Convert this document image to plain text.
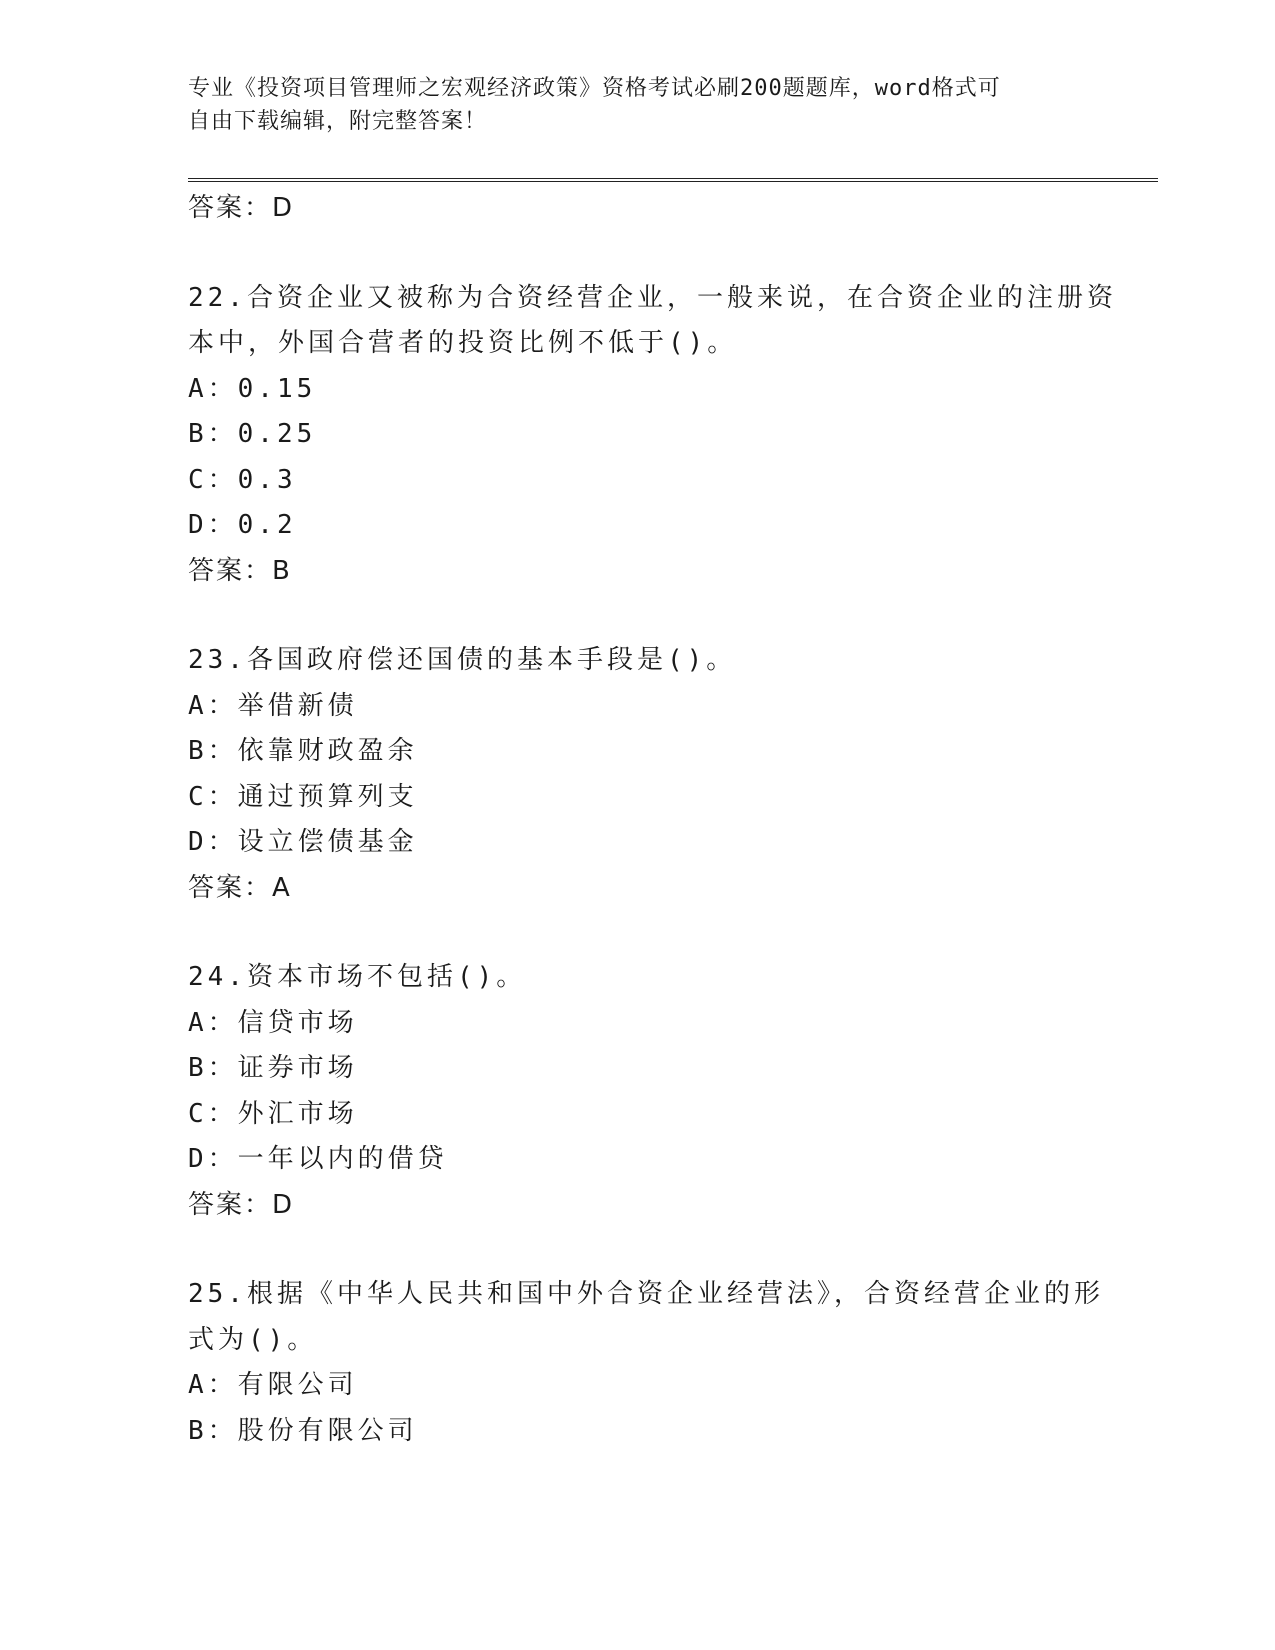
专业《投资项目管理师之宏观经济政策》资格考试必刷200题题库，word格式可
自由下载编辑，附完整答案！
答案：D
22.合资企业又被称为合资经营企业，一般来说，在合资企业的注册资
本中，外国合营者的投资比例不低于()。
A：0.15
B：0.25
C：0.3
D：0.2
答案：B
23.各国政府偿还国债的基本手段是()。
A：举借新债
B：依靠财政盈余
C：通过预算列支
D：设立偿债基金
答案：A
24.资本市场不包括()。
A：信贷市场
B：证券市场
C：外汇市场
D：一年以内的借贷
答案：D
25.根据《中华人民共和国中外合资企业经营法》，合资经营企业的形
式为()。
A：有限公司
B：股份有限公司
